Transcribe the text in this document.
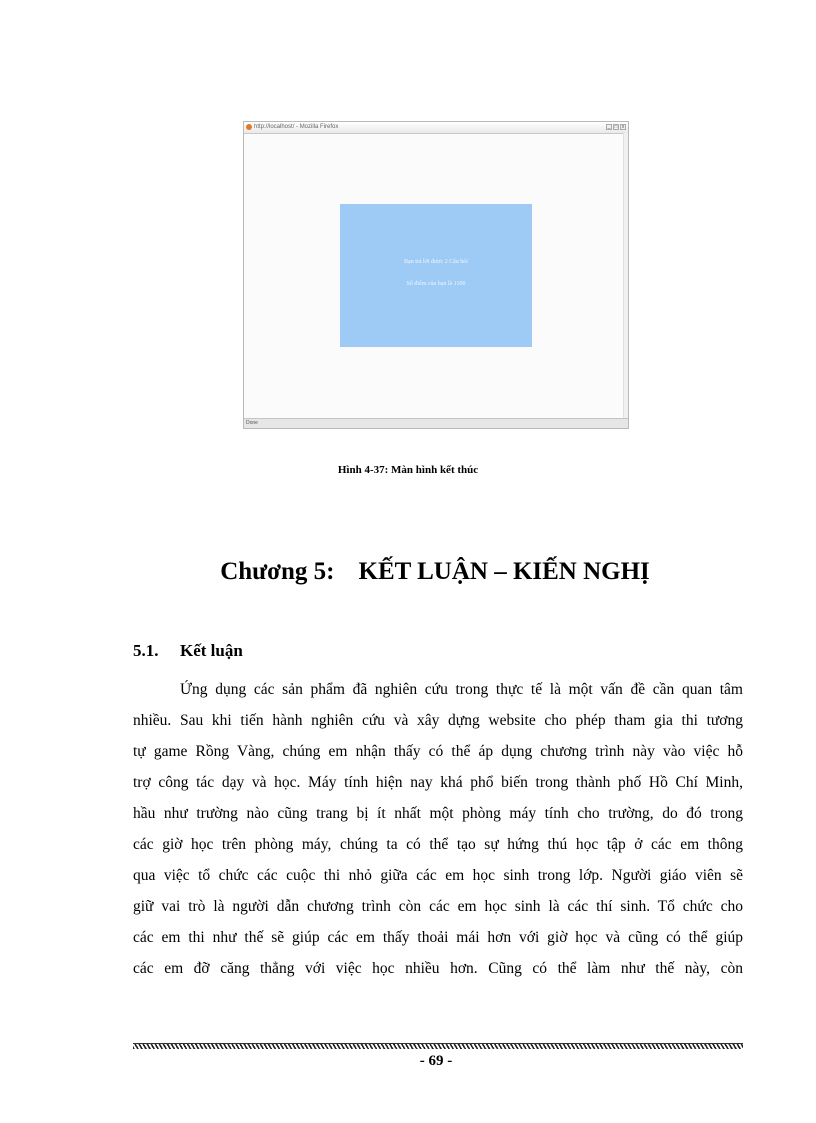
http://localhost/ - Mozilla Firefox	_ □ x
Bạn trả lời được 2 Câu hỏi
Số điểm của bạn là 1100
Done
Hình 4-37: Màn hình kết thúc
Chương 5: KẾT LUẬN – KIẾN NGHỊ
5.1. Kết luận
Ứng dụng các sản phẩm đã nghiên cứu trong thực tế là một vấn đề cần quan tâm
nhiều. Sau khi tiến hành nghiên cứu và xây dựng website cho phép tham gia thi tương
tự game Rồng Vàng, chúng em nhận thấy có thể áp dụng chương trình này vào việc hỗ
trợ công tác dạy và học. Máy tính hiện nay khá phổ biến trong thành phố Hồ Chí Minh,
hầu như trường nào cũng trang bị ít nhất một phòng máy tính cho trường, do đó trong
các giờ học trên phòng máy, chúng ta có thể tạo sự hứng thú học tập ở các em thông
qua việc tổ chức các cuộc thi nhỏ giữa các em học sinh trong lớp. Người giáo viên sẽ
giữ vai trò là người dẫn chương trình còn các em học sinh là các thí sinh. Tổ chức cho
các em thi như thế sẽ giúp các em thấy thoải mái hơn với giờ học và cũng có thể giúp
các em đỡ căng thẳng với việc học nhiều hơn. Cũng có thể làm như thế này, còn
- 69 -
